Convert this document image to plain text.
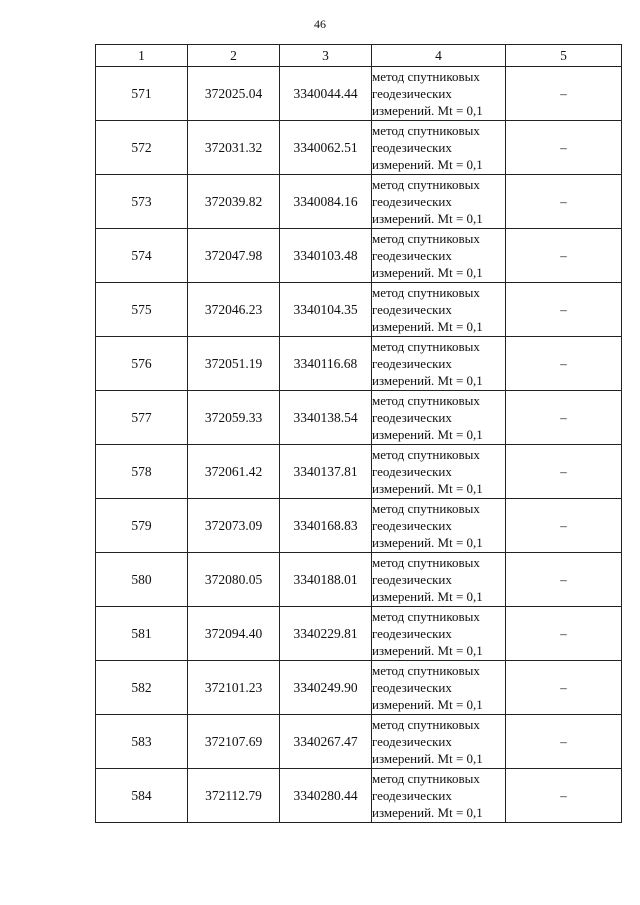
46
1	2	3	4	5
571	372025.04	3340044.44	метод спутниковых
геодезических
измерений. Mt = 0,1	–
572	372031.32	3340062.51	метод спутниковых
геодезических
измерений. Mt = 0,1	–
573	372039.82	3340084.16	метод спутниковых
геодезических
измерений. Mt = 0,1	–
574	372047.98	3340103.48	метод спутниковых
геодезических
измерений. Mt = 0,1	–
575	372046.23	3340104.35	метод спутниковых
геодезических
измерений. Mt = 0,1	–
576	372051.19	3340116.68	метод спутниковых
геодезических
измерений. Mt = 0,1	–
577	372059.33	3340138.54	метод спутниковых
геодезических
измерений. Mt = 0,1	–
578	372061.42	3340137.81	метод спутниковых
геодезических
измерений. Mt = 0,1	–
579	372073.09	3340168.83	метод спутниковых
геодезических
измерений. Mt = 0,1	–
580	372080.05	3340188.01	метод спутниковых
геодезических
измерений. Mt = 0,1	–
581	372094.40	3340229.81	метод спутниковых
геодезических
измерений. Mt = 0,1	–
582	372101.23	3340249.90	метод спутниковых
геодезических
измерений. Mt = 0,1	–
583	372107.69	3340267.47	метод спутниковых
геодезических
измерений. Mt = 0,1	–
584	372112.79	3340280.44	метод спутниковых
геодезических
измерений. Mt = 0,1	–
